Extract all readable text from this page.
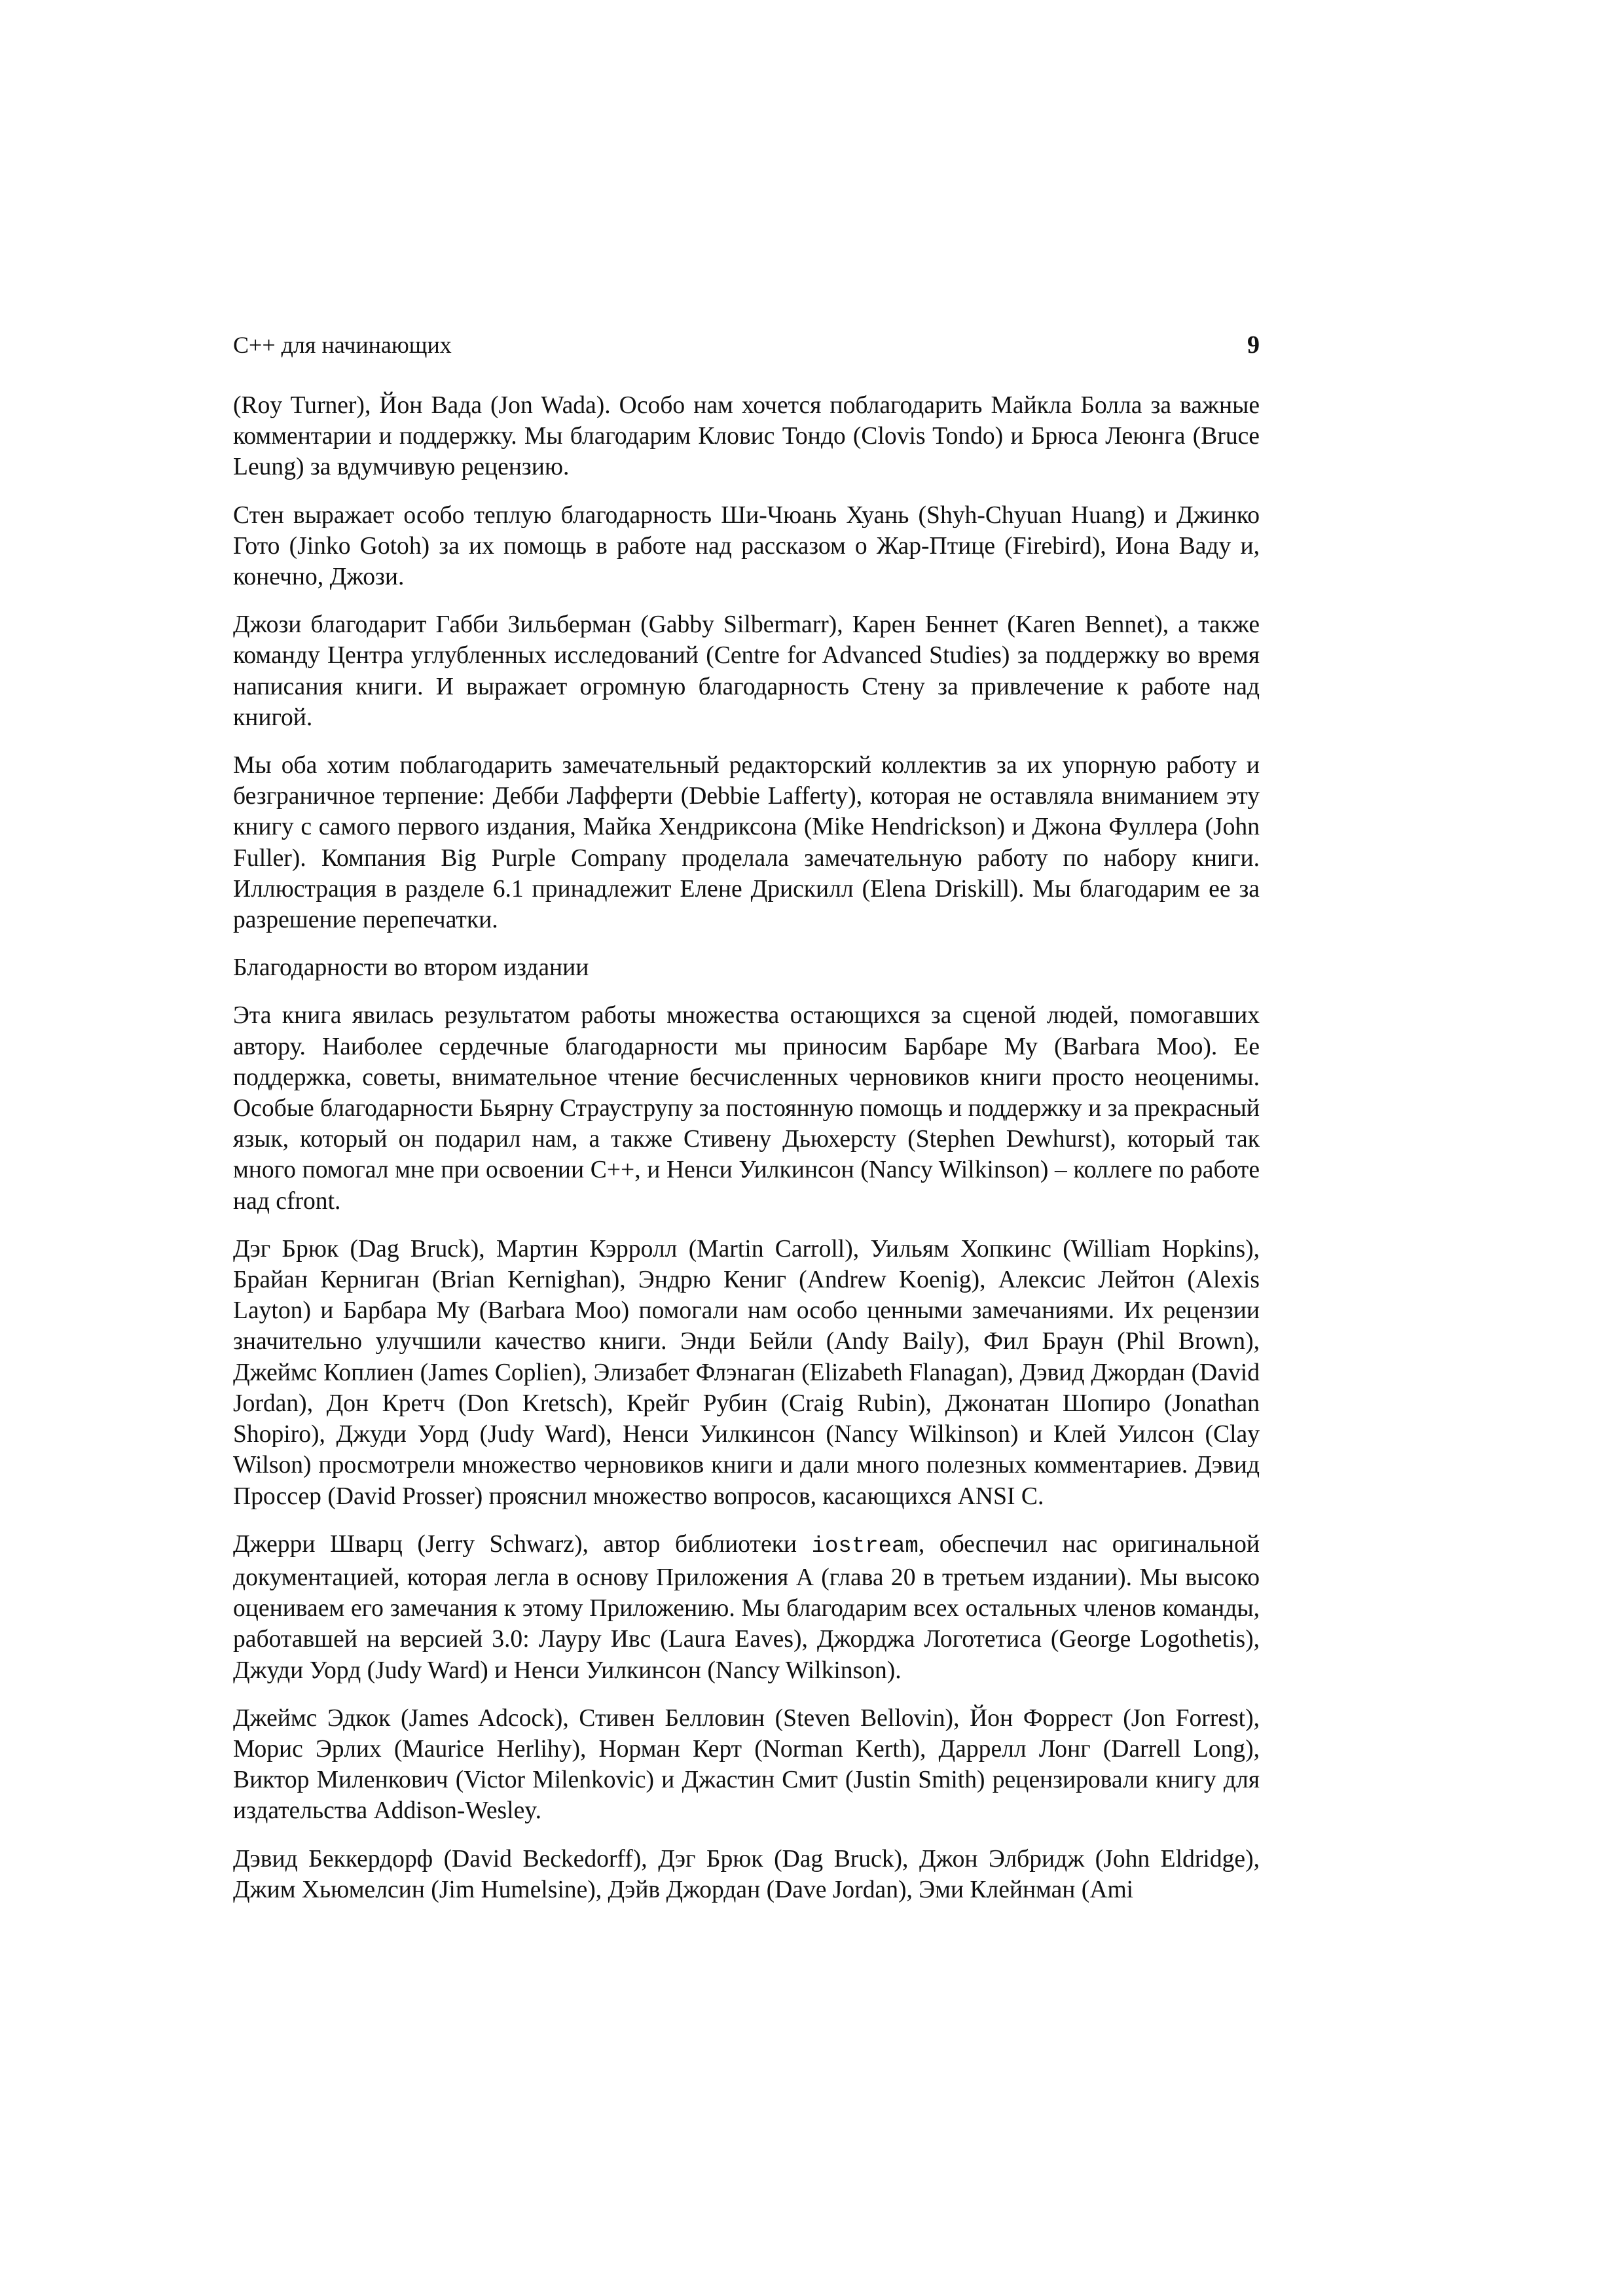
C++ для начинающих	9

(Roy Turner), Йон Вада (Jon Wada). Особо нам хочется поблагодарить Майкла Болла за важные комментарии и поддержку. Мы благодарим Кловис Тондо (Clovis Tondo) и Брюса Леюнга (Bruce Leung) за вдумчивую рецензию.

Стен выражает особо теплую благодарность Ши-Чюань Хуань (Shyh-Chyuan Huang) и Джинко Гото (Jinko Gotoh) за их помощь в работе над рассказом о Жар-Птице (Firebird), Иона Ваду и, конечно, Джози.

Джози благодарит Габби Зильберман (Gabby Silbermarr), Карен Беннет (Karen Bennet), а также команду Центра углубленных исследований (Centre for Advanced Studies) за поддержку во время написания книги. И выражает огромную благодарность Стену за привлечение к работе над книгой.

Мы оба хотим поблагодарить замечательный редакторский коллектив за их упорную работу и безграничное терпение: Дебби Лафферти (Debbie Lafferty), которая не оставляла вниманием эту книгу с самого первого издания, Майка Хендриксона (Mike Hendrickson) и Джона Фуллера (John Fuller). Компания Big Purple Company проделала замечательную работу по набору книги. Иллюстрация в разделе 6.1 принадлежит Елене Дрискилл (Elena Driskill). Мы благодарим ее за разрешение перепечатки.

Благодарности во втором издании

Эта книга явилась результатом работы множества остающихся за сценой людей, помогавших автору. Наиболее сердечные благодарности мы приносим Барбаре Му (Barbara Moo). Ее поддержка, советы, внимательное чтение бесчисленных черновиков книги просто неоценимы. Особые благодарности Бьярну Страуструпу за постоянную помощь и поддержку и за прекрасный язык, который он подарил нам, а также Стивену Дьюхерсту (Stephen Dewhurst), который так много помогал мне при освоении С++, и Ненси Уилкинсон (Nancy Wilkinson) – коллеге по работе над cfront.

Дэг Брюк (Dag Bruck), Мартин Кэрролл (Martin Carroll), Уильям Хопкинс (William Hopkins), Брайан Керниган (Brian Kernighan), Эндрю Кениг (Andrew Koenig), Алексис Лейтон (Alexis Layton) и Барбара Му (Barbara Moo) помогали нам особо ценными замечаниями. Их рецензии значительно улучшили качество книги. Энди Бейли (Andy Baily), Фил Браун (Phil Brown), Джеймс Коплиен (James Coplien), Элизабет Флэнаган (Elizabeth Flanagan), Дэвид Джордан (David Jordan), Дон Кретч (Don Kretsch), Крейг Рубин (Craig Rubin), Джонатан Шопиро (Jonathan Shopiro), Джуди Уорд (Judy Ward), Ненси Уилкинсон (Nancy Wilkinson) и Клей Уилсон (Clay Wilson) просмотрели множество черновиков книги и дали много полезных комментариев. Дэвид Проссер (David Prosser) прояснил множество вопросов, касающихся ANSI C.

Джерри Шварц (Jerry Schwarz), автор библиотеки iostream, обеспечил нас оригинальной документацией, которая легла в основу Приложения А (глава 20 в третьем издании). Мы высоко оцениваем его замечания к этому Приложению. Мы благодарим всех остальных членов команды, работавшей на версией 3.0: Лауру Ивс (Laura Eaves), Джорджа Логотетиса (George Logothetis), Джуди Уорд (Judy Ward) и Ненси Уилкинсон (Nancy Wilkinson).

Джеймс Эдкок (James Adcock), Стивен Белловин (Steven Bellovin), Йон Форрест (Jon Forrest), Морис Эрлих (Maurice Herlihy), Норман Керт (Norman Kerth), Даррелл Лонг (Darrell Long), Виктор Миленкович (Victor Milenkovic) и Джастин Смит (Justin Smith) рецензировали книгу для издательства Addison-Wesley.

Дэвид Беккердорф (David Beckedorff), Дэг Брюк (Dag Bruck), Джон Элбридж (John Eldridge), Джим Хьюмелсин (Jim Humelsine), Дэйв Джордан (Dave Jordan), Эми Клейнман (Ami
